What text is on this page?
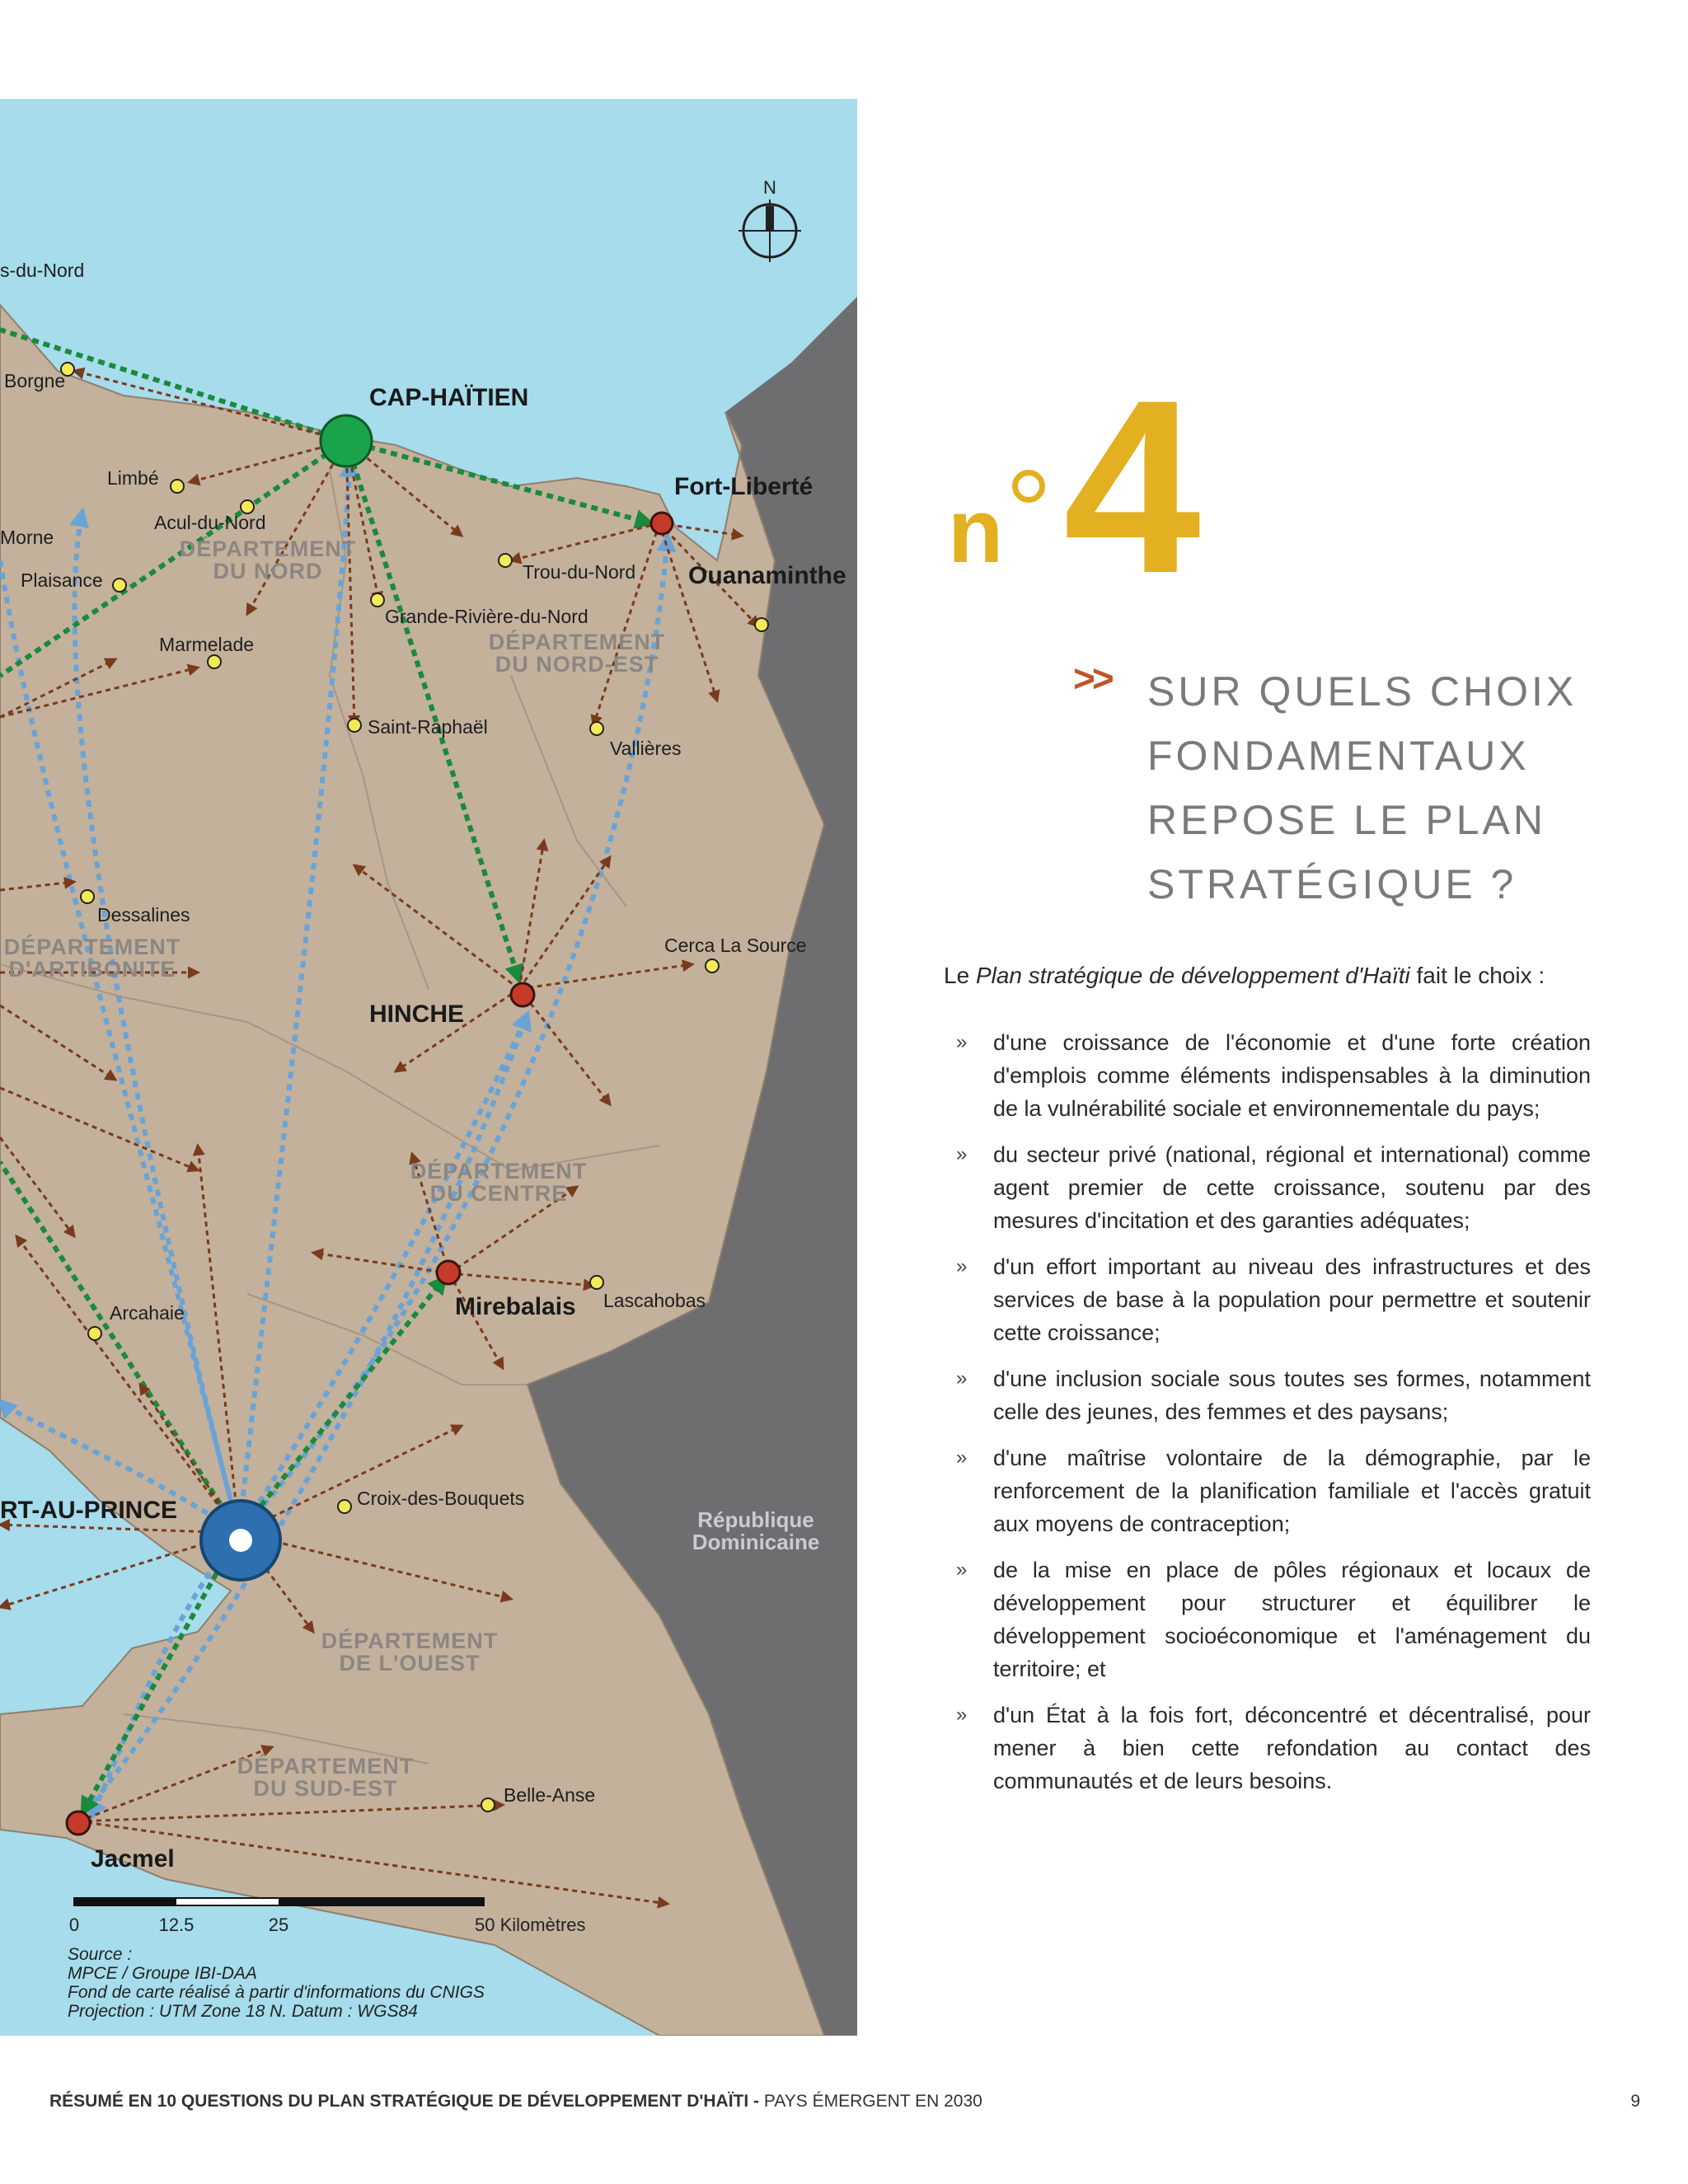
N
DÉPARTEMENT
DU NORD
DÉPARTEMENT
DU NORD-EST
DÉPARTEMENT
D'ARTIBONITE
DÉPARTEMENT
DU CENTRE
DÉPARTEMENT
DE L'OUEST
DÉPARTEMENT
DU SUD-EST
République
Dominicaine
CAP-HAÏTIEN
Fort-Liberté
Ouanaminthe
HINCHE
Mirebalais
RT-AU-PRINCE
Jacmel
s-du-Nord
Borgne
Limbé
Acul-du-Nord
Morne
Plaisance	Trou-du-Nord
Grande-Rivière-du-Nord
Marmelade
Saint-Raphaël
Vallières
Dessalines
Cerca La Source
Lascahobas
Arcahaie
Croix-des-Bouquets
Belle-Anse
0	12.5	25	50 Kilomètres
Source :
MPCE / Groupe IBI-DAA
Fond de carte réalisé à partir d'informations du CNIGS
Projection : UTM Zone 18 N. Datum : WGS84
n 4
>> SUR QUELS CHOIX
FONDAMENTAUX
REPOSE LE PLAN
STRATÉGIQUE ?

Le Plan stratégique de développement d'Haïti fait le choix :

» d'une croissance de l'économie et d'une forte création d'emplois comme éléments indispensables à la diminution de la vulnérabilité sociale et environnementale du pays;
» du secteur privé (national, régional et international) comme agent premier de cette croissance, soutenu par des mesures d'incitation et des garanties adéquates;
» d'un effort important au niveau des infrastructures et des services de base à la population pour permettre et soutenir cette croissance;
» d'une inclusion sociale sous toutes ses formes, notamment celle des jeunes, des femmes et des paysans;
» d'une maîtrise volontaire de la démographie, par le renforcement de la planification familiale et l'accès gratuit aux moyens de contraception;
» de la mise en place de pôles régionaux et locaux de développement pour structurer et équilibrer le développement socioéconomique et l'aménagement du territoire; et
» d'un État à la fois fort, déconcentré et décentralisé, pour mener à bien cette refondation au contact des communautés et de leurs besoins.
RÉSUMÉ EN 10 QUESTIONS DU PLAN STRATÉGIQUE DE DÉVELOPPEMENT D'HAÏTI - PAYS ÉMERGENT EN 2030	9
